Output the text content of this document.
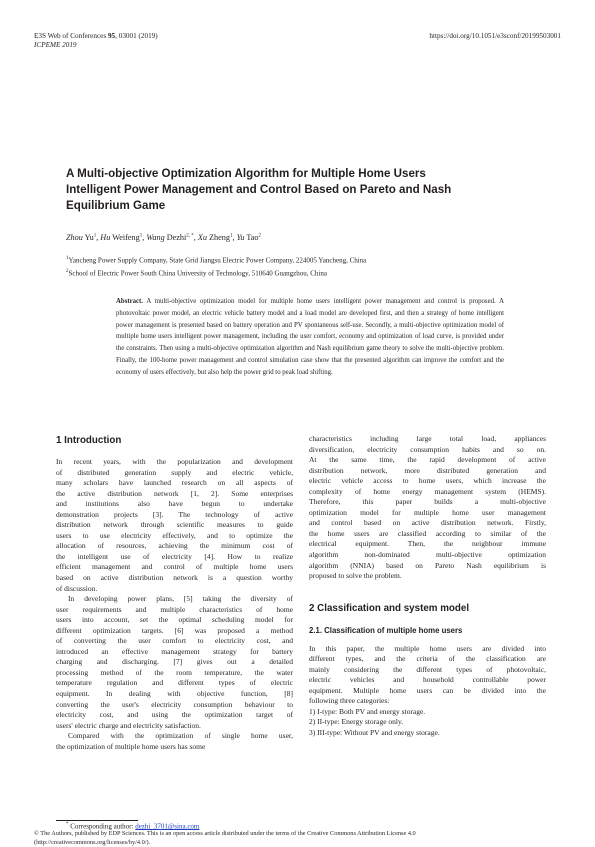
E3S Web of Conferences 95, 03001 (2019)
ICPEME 2019
https://doi.org/10.1051/e3sconf/20199503001
A Multi-objective Optimization Algorithm for Multiple Home Users
Intelligent Power Management and Control Based on Pareto and Nash
Equilibrium Game
Zhou Yu$^1$, Hu Weifeng$^1$, Wang Dezhi$^{2, *}$, Xu Zheng$^1$, Yu Tao$^2$
$^1$Yancheng Power Supply Company, State Grid Jiangsu Electric Power Company, 224005 Yancheng, China
$^2$School of Electric Power South China University of Technology, 510640 Guangzhou, China
Abstract. A multi-objective optimization model for multiple home users intelligent power management and control is proposed. A photovoltaic power model, an electric vehicle battery model and a load model are developed first, and then a strategy of home intelligent power management is presented based on battery operation and PV spontaneous self-use. Secondly, a multi-objective optimization model of multiple home users intelligent power management, including the user comfort, economy and optimization of load curve, is provided under the constraints. Then using a multi-objective optimization algorithm and Nash equilibrium game theory to solve the multi-objective problem. Finally, the 100-home power management and control simulation case show that the presented algorithm can improve the comfort and the economy of users effectively, but also help the power grid to peak load shifting.
1 Introduction
In recent years, with the popularization and development
of distributed generation supply and electric vehicle,
many scholars have launched research on all aspects of
the active distribution network [1, 2]. Some enterprises
and institutions also have begun to undertake
demonstration projects [3]. The technology of active
distribution network through scientific measures to guide
users to use electricity effectively, and to optimize the
allocation of resources, achieving the minimum cost of
the intelligent use of electricity [4]. How to realize
efficient management and control of multiple home users
based on active distribution network is a question worthy
of discussion.
In developing power plans, [5] taking the diversity of
user requirements and multiple characteristics of home
users into account, set the optimal scheduling model for
different optimization targets. [6] was proposed a method
of converting the user comfort to electricity cost, and
introduced an effective management strategy for battery
charging and discharging. [7] gives out a detailed
processing method of the room temperature, the water
temperature regulation and different types of electric
equipment. In dealing with objective function, [8]
converting the user's electricity consumption behaviour to
electricity cost, and using the optimization target of
users' electric charge and electricity satisfaction.
Compared with the optimization of single home user,
the optimization of multiple home users has some
characteristics including large total load, appliances
diversification, electricity consumption habits and so on.
At the same time, the rapid development of active
distribution network, more distributed generation and
electric vehicle access to home users, which increase the
complexity of home energy management system (HEMS).
Therefore, this paper builds a multi-objective
optimization model for multiple home user management
and control based on active distribution network. Firstly,
the home users are classified according to similar of the
electrical equipment. Then, the neighbour immune
algorithm non-dominated multi-objective optimization
algorithm (NNIA) based on Pareto Nash equilibrium is
proposed to solve the problem.
2 Classification and system model
2.1. Classification of multiple home users
In this paper, the multiple home users are divided into
different types, and the criteria of the classification are
mainly considering the different types of photovoltaic,
electric vehicles and household controllable power
equipment. Multiple home users can be divided into the
following three categories:
1) I-type: Both PV and energy storage.
2) II-type: Energy storage only.
3) III-type: Without PV and energy storage.
* Corresponding author: dezhi_3701@sina.com
© The Authors, published by EDP Sciences. This is an open access article distributed under the terms of the Creative Commons Attribution License 4.0
(http://creativecommons.org/licenses/by/4.0/).
